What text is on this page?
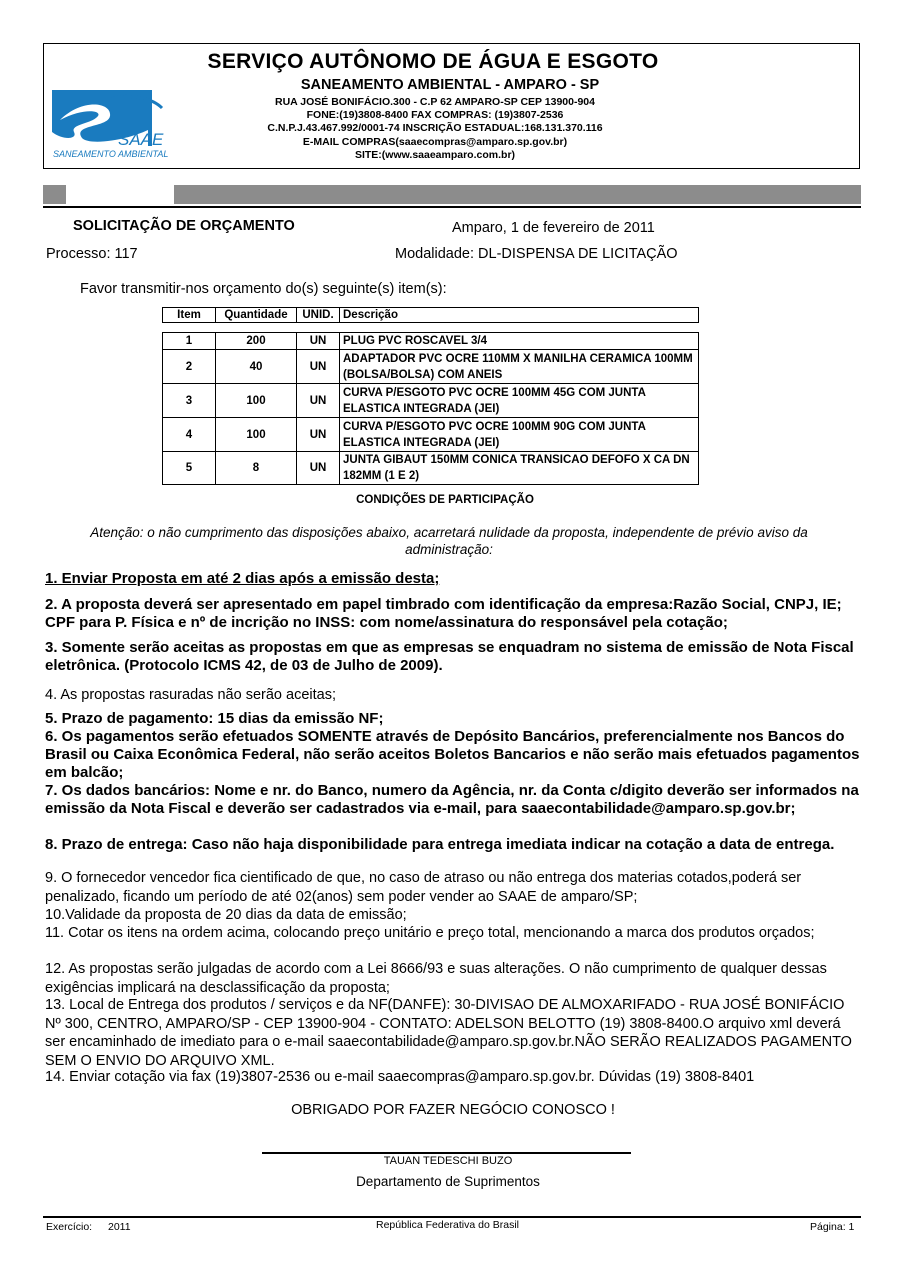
SERVIÇO AUTÔNOMO DE ÁGUA E ESGOTO
SANEAMENTO AMBIENTAL - AMPARO - SP
RUA JOSÉ BONIFÁCIO.300 - C.P 62 AMPARO-SP CEP 13900-904
FONE:(19)3808-8400 FAX COMPRAS: (19)3807-2536
C.N.P.J.43.467.992/0001-74 INSCRIÇÃO ESTADUAL:168.131.370.116
E-MAIL COMPRAS(saaecompras@amparo.sp.gov.br)
SITE:(www.saaeamparo.com.br)
SAAE
SANEAMENTO AMBIENTAL
SOLICITAÇÃO DE ORÇAMENTO	Amparo, 1 de fevereiro de 2011
Processo: 117	Modalidade: DL-DISPENSA DE LICITAÇÃO
Favor transmitir-nos orçamento do(s) seguinte(s) item(s):
Item	Quantidade	UNID.	Descrição
1	200	UN	PLUG PVC ROSCAVEL 3/4
2	40	UN	ADAPTADOR PVC OCRE 110MM X MANILHA CERAMICA 100MM (BOLSA/BOLSA) COM ANEIS
3	100	UN	CURVA P/ESGOTO PVC OCRE 100MM 45G COM JUNTA ELASTICA INTEGRADA (JEI)
4	100	UN	CURVA P/ESGOTO PVC OCRE 100MM 90G COM JUNTA ELASTICA INTEGRADA (JEI)
5	8	UN	JUNTA GIBAUT 150MM CONICA TRANSICAO DEFOFO X CA DN 182MM (1 E 2)
CONDIÇÕES DE PARTICIPAÇÃO
Atenção: o não cumprimento das disposições abaixo, acarretará nulidade da proposta, independente de prévio aviso da administração:
1. Enviar Proposta em até 2 dias após a emissão desta;
2. A proposta deverá ser apresentado em papel timbrado com identificação da empresa:Razão Social, CNPJ, IE; CPF para P. Física e nº de incrição no INSS: com nome/assinatura do responsável pela cotação;
3. Somente serão aceitas as propostas em que as empresas se enquadram no sistema de emissão de Nota Fiscal eletrônica. (Protocolo ICMS 42, de 03 de Julho de 2009).
4. As propostas rasuradas não serão aceitas;
5. Prazo de pagamento: 15 dias da emissão NF;
6. Os pagamentos serão efetuados SOMENTE através de Depósito Bancários, preferencialmente nos Bancos do Brasil ou Caixa Econômica Federal, não serão aceitos Boletos Bancarios e não serão mais efetuados pagamentos em balcão;
7. Os dados bancários: Nome e nr. do Banco, numero da Agência, nr. da Conta c/digito deverão ser informados na emissão da Nota Fiscal e deverão ser cadastrados via e-mail, para saaecontabilidade@amparo.sp.gov.br;
8. Prazo de entrega: Caso não haja disponibilidade para entrega imediata indicar na cotação a data de entrega.
9. O fornecedor vencedor fica cientificado de que, no caso de atraso ou não entrega dos materias cotados,poderá ser penalizado, ficando um período de até 02(anos) sem poder vender ao SAAE de amparo/SP;
10.Validade da proposta de 20 dias da data de emissão;
11. Cotar os itens na ordem acima, colocando preço unitário e preço total, mencionando a marca dos produtos orçados;
12. As propostas serão julgadas de acordo com a Lei 8666/93 e suas alterações. O não cumprimento de qualquer dessas exigências implicará na desclassificação da proposta;
13. Local de Entrega dos produtos / serviços e da NF(DANFE): 30-DIVISAO DE ALMOXARIFADO - RUA JOSÉ BONIFÁCIO Nº 300, CENTRO, AMPARO/SP - CEP 13900-904 - CONTATO: ADELSON BELOTTO (19) 3808-8400.O arquivo xml deverá ser encaminhado de imediato para o e-mail saaecontabilidade@amparo.sp.gov.br.NÃO SERÃO REALIZADOS PAGAMENTO SEM O ENVIO DO ARQUIVO XML.
14. Enviar cotação via fax (19)3807-2536 ou e-mail saaecompras@amparo.sp.gov.br. Dúvidas (19) 3808-8401
OBRIGADO POR FAZER NEGÓCIO CONOSCO !
TAUAN TEDESCHI BUZO
Departamento de Suprimentos
Exercício: 2011	República Federativa do Brasil	Página: 1
